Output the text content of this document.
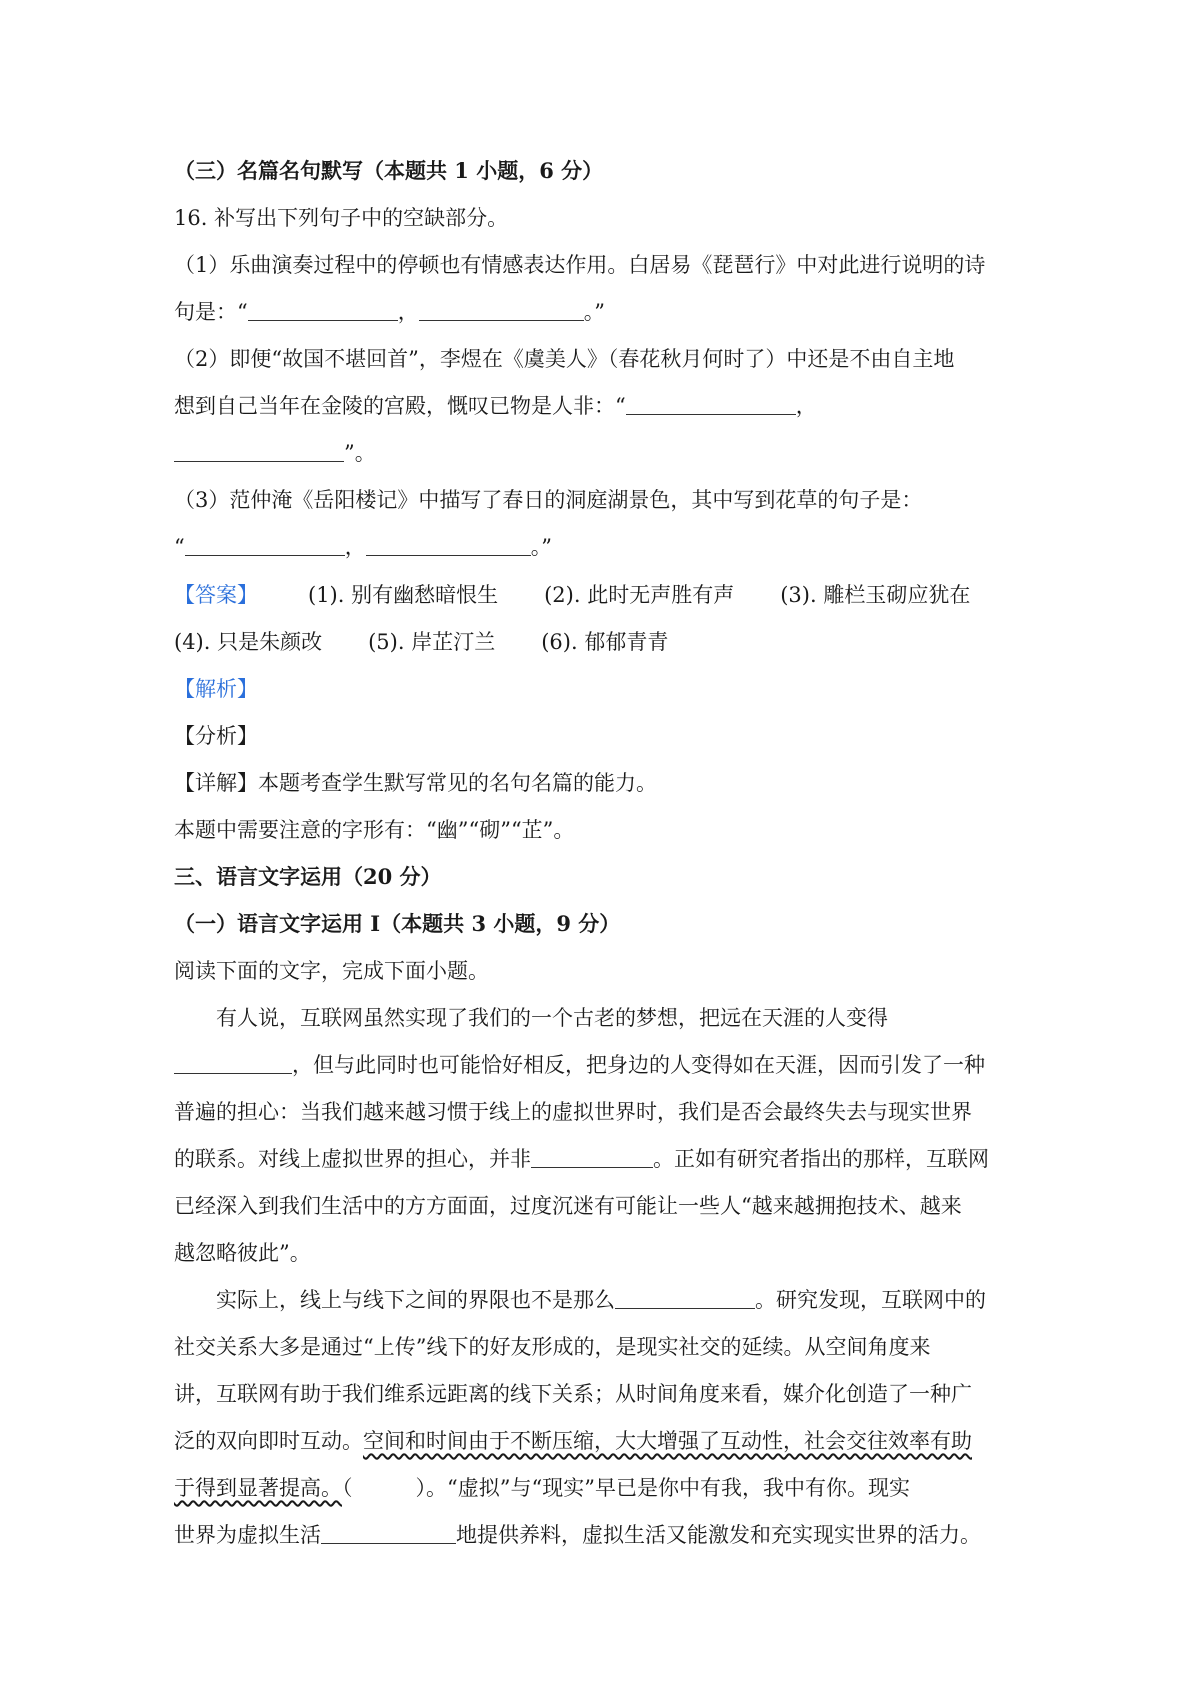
（三）名篇名句默写（本题共 1 小题，6 分）
16. 补写出下列句子中的空缺部分。
（1）乐曲演奏过程中的停顿也有情感表达作用。白居易《琵琶行》中对此进行说明的诗
句是：“	，	。”
（2）即便“故国不堪回首”，李煜在《虞美人》（春花秋月何时了）中还是不由自主地
想到自己当年在金陵的宫殿，慨叹已物是人非：“	，
”。
（3）范仲淹《岳阳楼记》中描写了春日的洞庭湖景色，其中写到花草的句子是：
“	，	。”
【答案】 (1). 别有幽愁暗恨生 (2). 此时无声胜有声 (3). 雕栏玉砌应犹在
(4). 只是朱颜改 (5). 岸芷汀兰 (6). 郁郁青青
【解析】
【分析】
【详解】本题考查学生默写常见的名句名篇的能力。
本题中需要注意的字形有：“幽”“砌”“芷”。
三、语言文字运用（20 分）
（一）语言文字运用 I（本题共 3 小题，9 分）
阅读下面的文字，完成下面小题。
有人说，互联网虽然实现了我们的一个古老的梦想，把远在天涯的人变得
，但与此同时也可能恰好相反，把身边的人变得如在天涯，因而引发了一种
普遍的担心：当我们越来越习惯于线上的虚拟世界时，我们是否会最终失去与现实世界
的联系。对线上虚拟世界的担心，并非	。正如有研究者指出的那样，互联网
已经深入到我们生活中的方方面面，过度沉迷有可能让一些人“越来越拥抱技术、越来
越忽略彼此”。
实际上，线上与线下之间的界限也不是那么	。研究发现，互联网中的
社交关系大多是通过“上传”线下的好友形成的，是现实社交的延续。从空间角度来
讲，互联网有助于我们维系远距离的线下关系；从时间角度来看，媒介化创造了一种广
泛的双向即时互动。空间和时间由于不断压缩，大大增强了互动性，社会交往效率有助
于得到显著提高。（　　　）。“虚拟”与“现实”早已是你中有我，我中有你。现实
世界为虚拟生活	地提供养料，虚拟生活又能激发和充实现实世界的活力。
